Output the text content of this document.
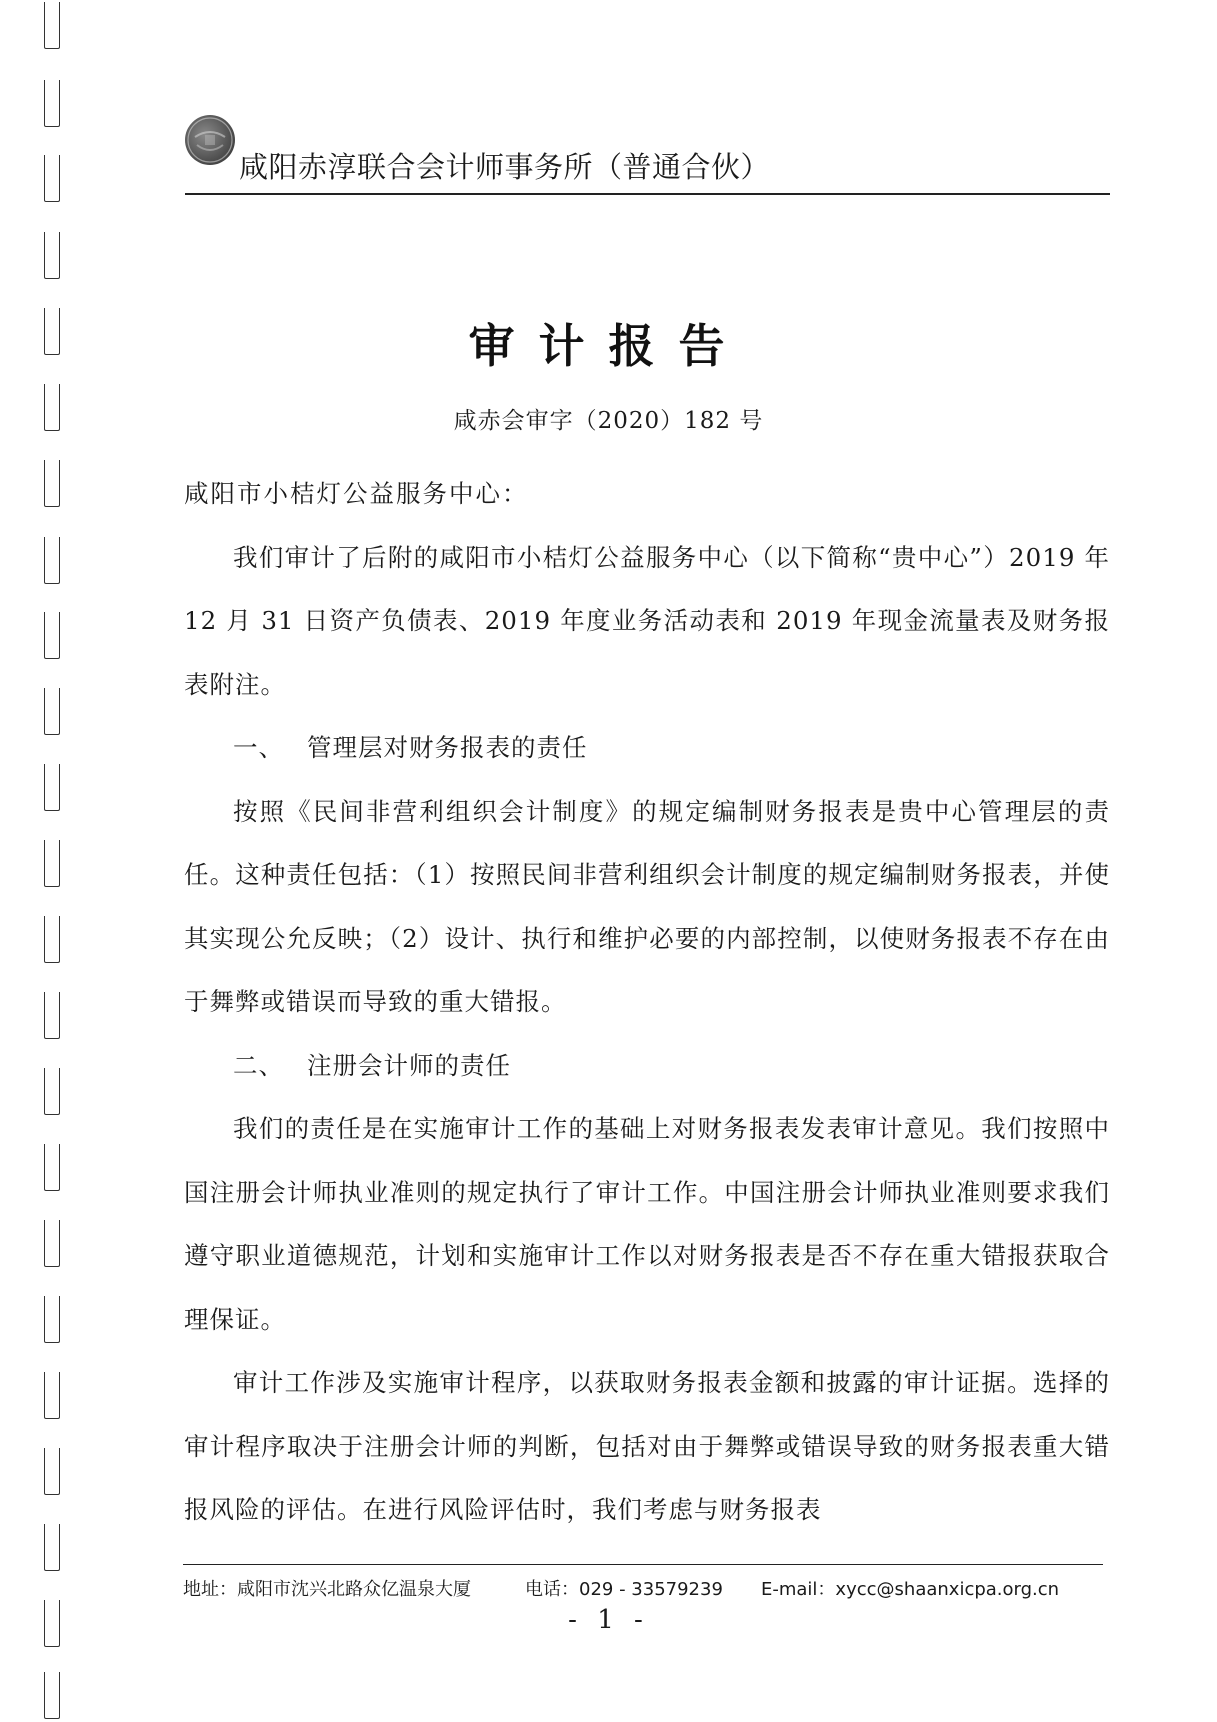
咸阳赤淳联合会计师事务所（普通合伙）
审计报告
咸赤会审字（2020）182 号

咸阳市小桔灯公益服务中心：

我们审计了后附的咸阳市小桔灯公益服务中心（以下简称“贵中心”）2019 年 12 月 31 日资产负债表、2019 年度业务活动表和 2019 年现金流量表及财务报表附注。

一、 管理层对财务报表的责任

按照《民间非营利组织会计制度》的规定编制财务报表是贵中心管理层的责任。这种责任包括：（1）按照民间非营利组织会计制度的规定编制财务报表，并使其实现公允反映；（2）设计、执行和维护必要的内部控制，以使财务报表不存在由于舞弊或错误而导致的重大错报。

二、 注册会计师的责任

我们的责任是在实施审计工作的基础上对财务报表发表审计意见。我们按照中国注册会计师执业准则的规定执行了审计工作。中国注册会计师执业准则要求我们遵守职业道德规范，计划和实施审计工作以对财务报表是否不存在重大错报获取合理保证。

审计工作涉及实施审计程序，以获取财务报表金额和披露的审计证据。选择的审计程序取决于注册会计师的判断，包括对由于舞弊或错误导致的财务报表重大错报风险的评估。在进行风险评估时，我们考虑与财务报表

地址：咸阳市沈兴北路众亿温泉大厦	电话：029 - 33579239 E-mail：xycc@shaanxicpa.org.cn
- 1 -
